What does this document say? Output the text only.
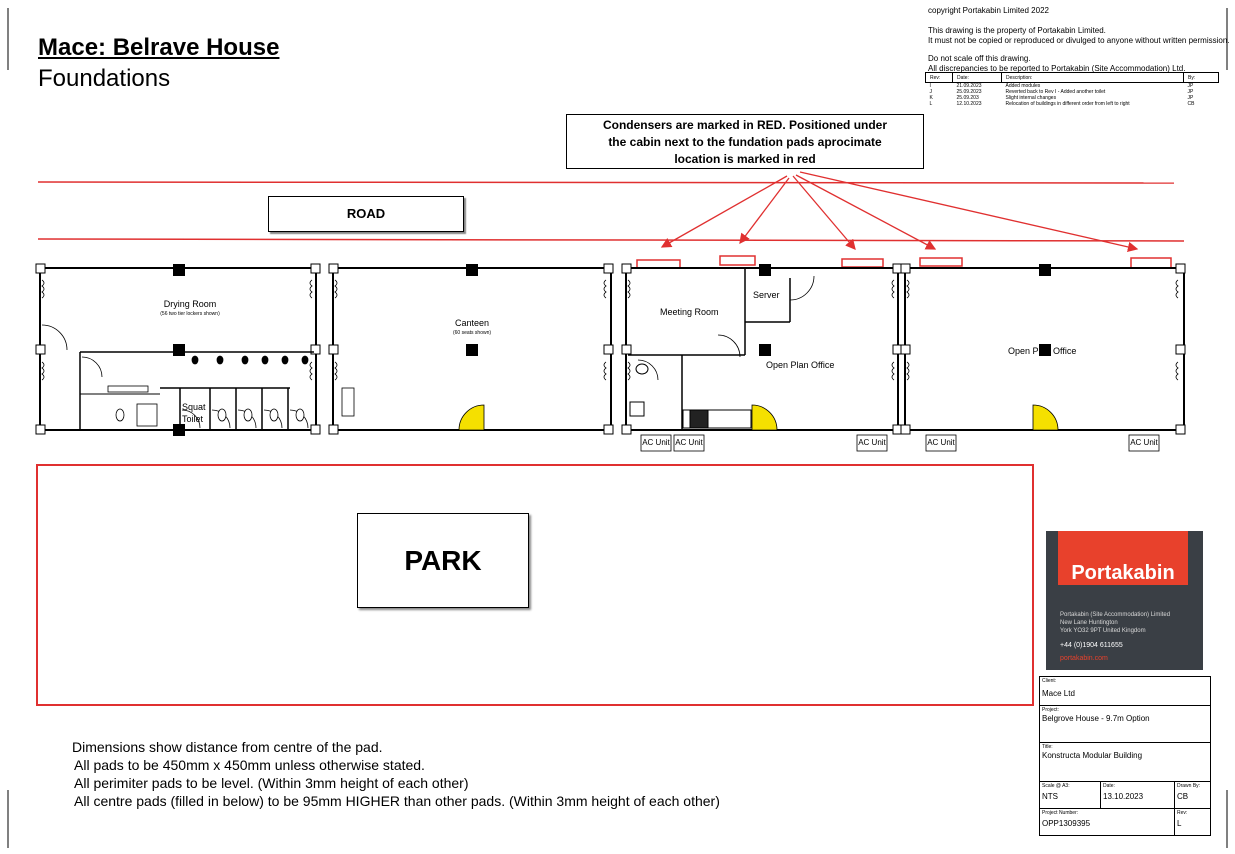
Mace: Belrave House
Foundations
copyright Portakabin Limited 2022
This drawing is the property of Portakabin Limited.
It must not be copied or reproduced or divulged to anyone without written permission.
Do not scale off this drawing.
All discrepancies to be reported to Portakabin (Site Accommodation) Ltd.
Rev:	Date:	Description:	By:
I	21.09.2023	Added modules	JP
J	25.09.2023	Reverted back to Rev I - Added another toilet	JP
K	25.09.203	Slight internal changes	JP
L	12.10.2023	Relocation of buildings in different order from left to right	CB
Drying Room
(56 two tier lockers shown)
Squat
Toilet
Canteen
(60 seats shown)
Meeting Room
Server
Open Plan Office
Open Plan Office
AC Unit AC Unit	AC Unit	AC Unit	AC Unit
Condensers are marked in RED. Positioned under
the cabin next to the fundation pads aprocimate
location is marked in red
ROAD
PARK
Dimensions show distance from centre of the pad.
All pads to be 450mm x 450mm unless otherwise stated.
All perimiter pads to be level. (Within 3mm height of each other)
All centre pads (filled in below) to be 95mm HIGHER than other pads. (Within 3mm height of each other)
Portakabin
Portakabin (Site Accommodation) Limited
New Lane Huntington
York YO32 9PT United Kingdom
+44 (0)1904 611655
portakabin.com
Client:
Mace Ltd
Project:
Belgrove House - 9.7m Option
Title:
Konstructa Modular Building
Scale @ A3:
NTS
Date:
13.10.2023
Drawn By:
CB
Project Number:
OPP1309395
Rev:
L
